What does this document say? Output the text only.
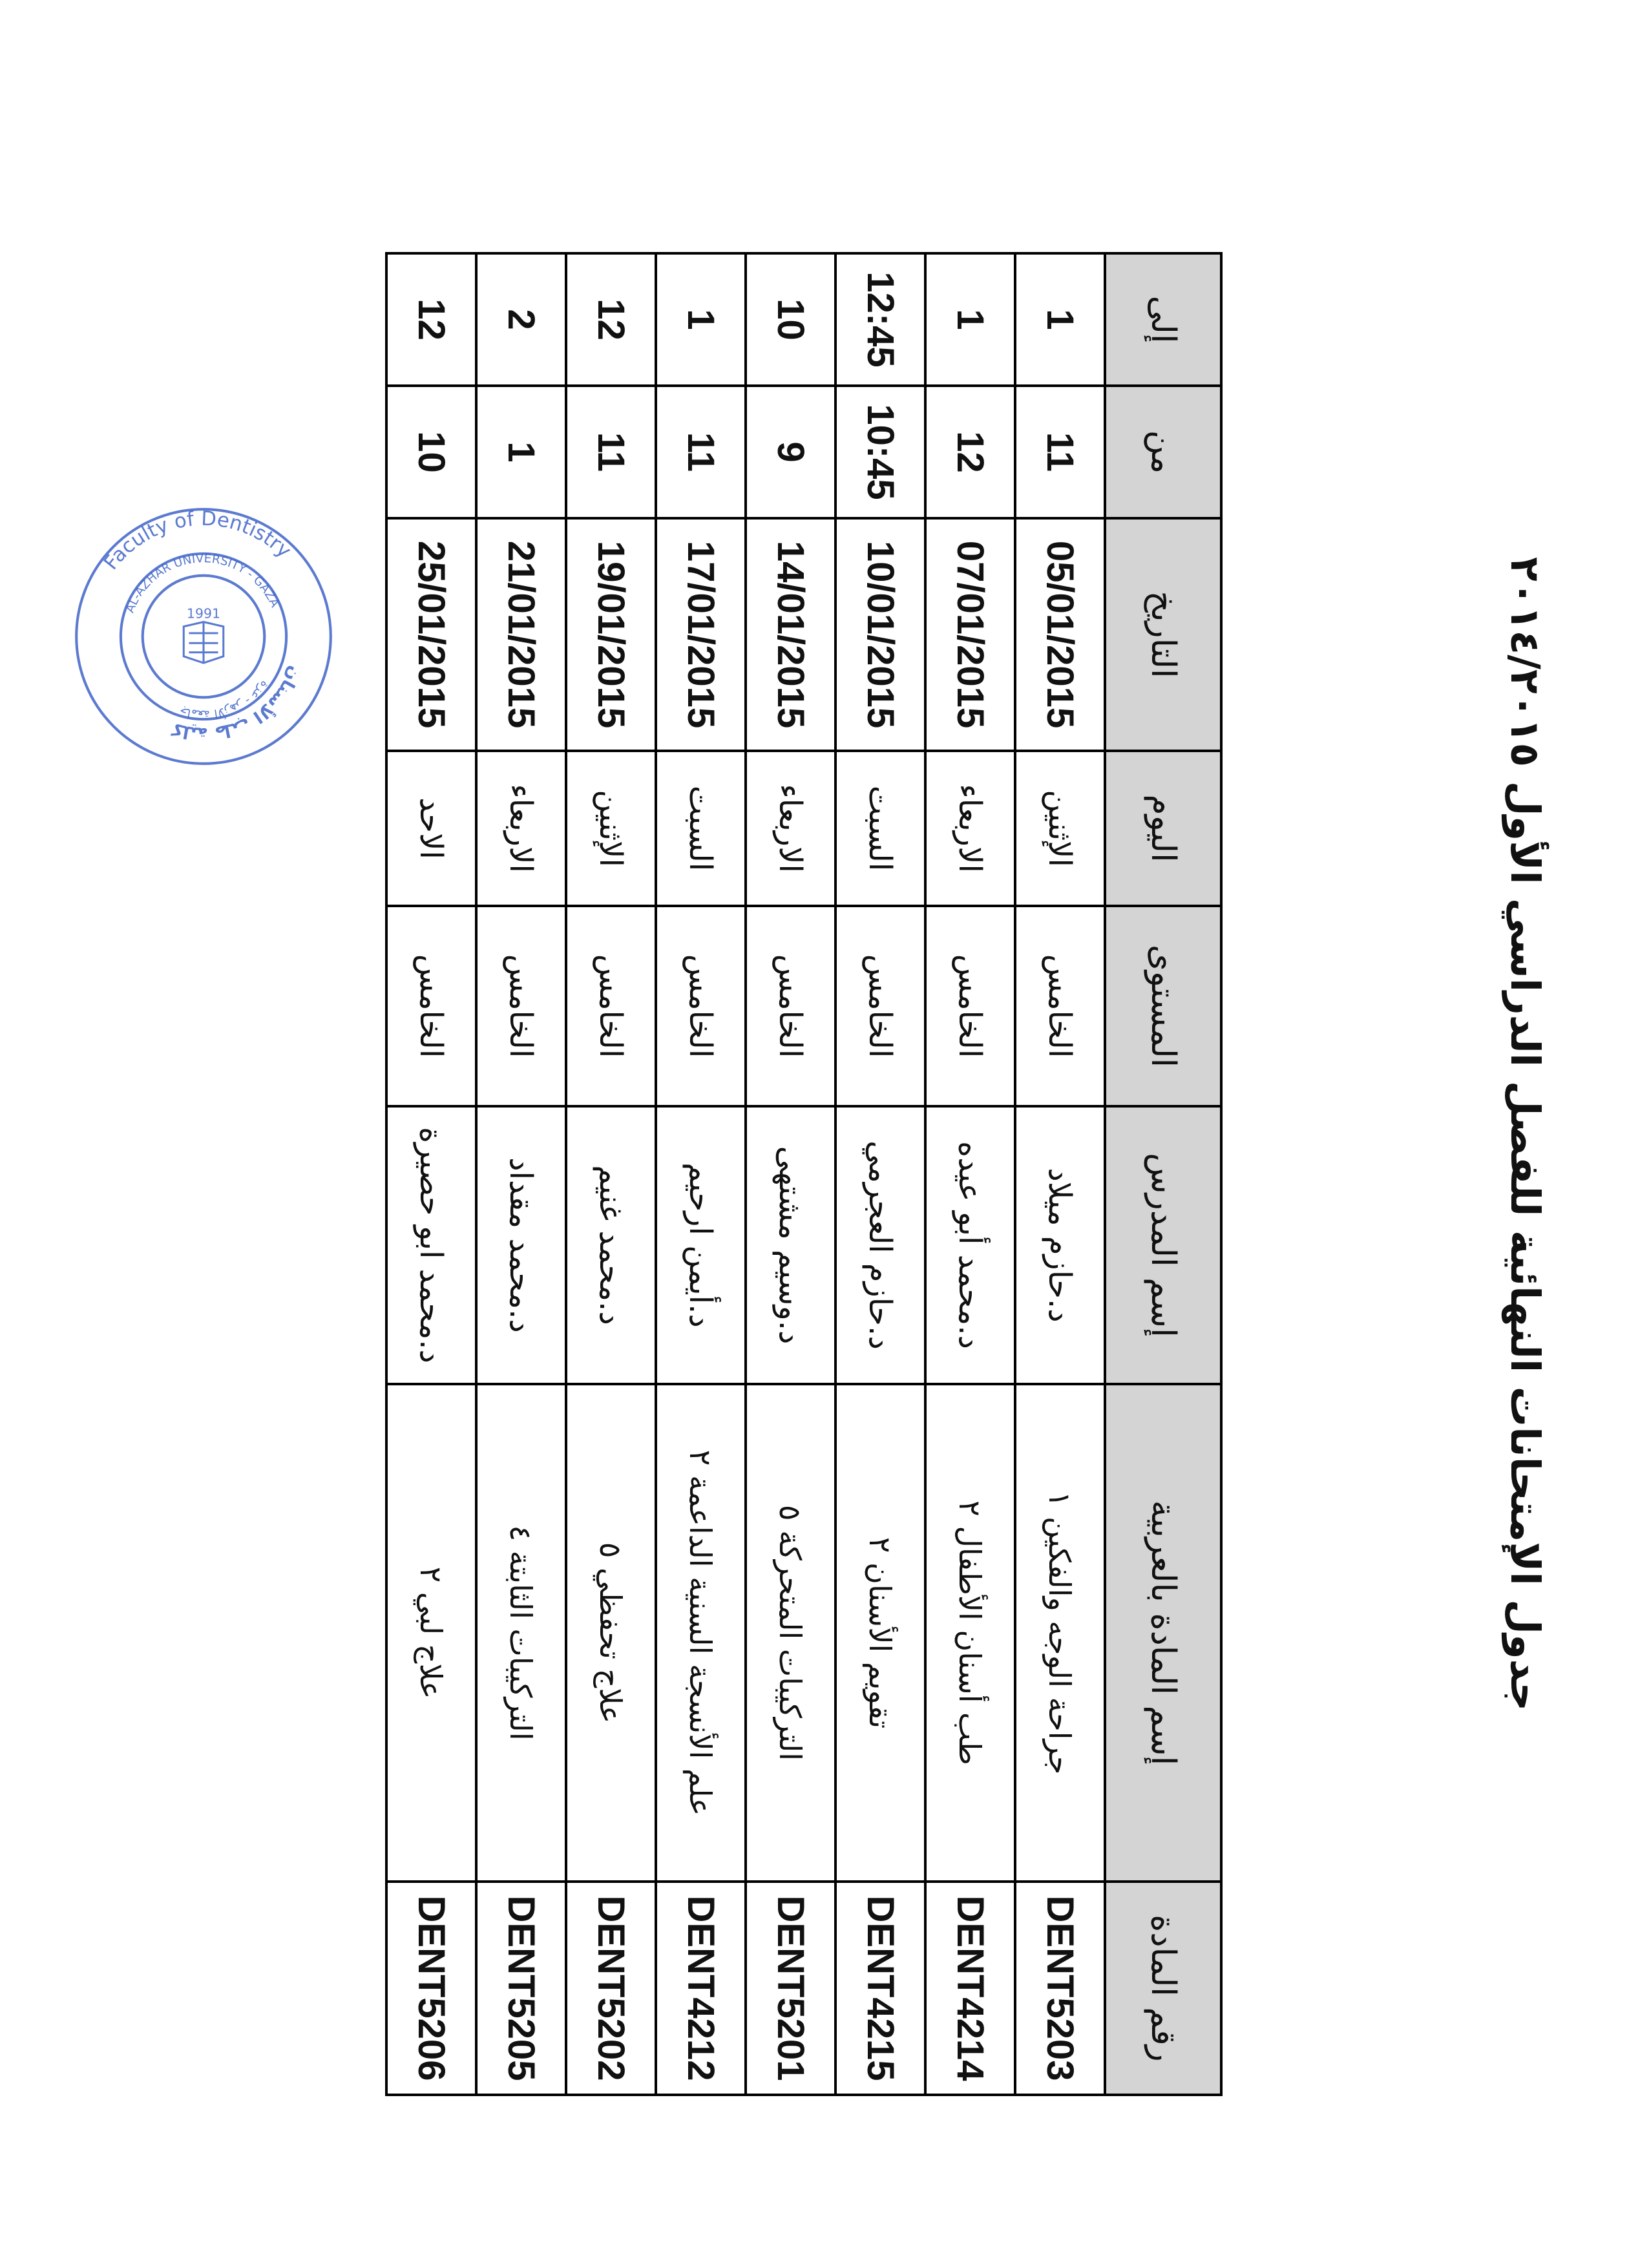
جدول الإمتحانات النهائية للفصل الدراسي الأول ٢٠١٤/٢٠١٥
رقم المادة	إسم المادة بالعربية	إسم المدرس	المستوى	اليوم	التاريخ	من	إلى
DENT5203	جراحة الوجه والفكين ١	د.حازم ميلاد	الخامس	الإثنين	05/01/2015	11	1
DENT4214	طب أسنان الأطفال ٢	د.محمد أبو عيده	الخامس	الاربعاء	07/01/2015	12	1
DENT4215	تقويم الأسنان ٢	د.حازم العجرمي	الخامس	السبت	10/01/2015	10:45	12:45
DENT5201	التركيبات المتحركة ٥	د.وسيم مشتهى	الخامس	الاربعاء	14/01/2015	9	10
DENT4212	علم الأنسجة السنية الداعمة ٢	د.أيمن ارحيم	الخامس	السبت	17/01/2015	11	1
DENT5202	علاج تحفظي ٥	د.محمد غنيم	الخامس	الإثنين	19/01/2015	11	12
DENT5205	التركيبات الثابتة ٤	د.محمد مقداد	الخامس	الاربعاء	21/01/2015	1	2
DENT5206	علاج لبي ٢	د.محمد ابو حصيرة	الخامس	الاحد	25/01/2015	10	12
Faculty of Dentistry
كلية طب الأسنان
AL-AZHAR UNIVERSITY - GAZA
جامعة الأزهر - غزة
1991
